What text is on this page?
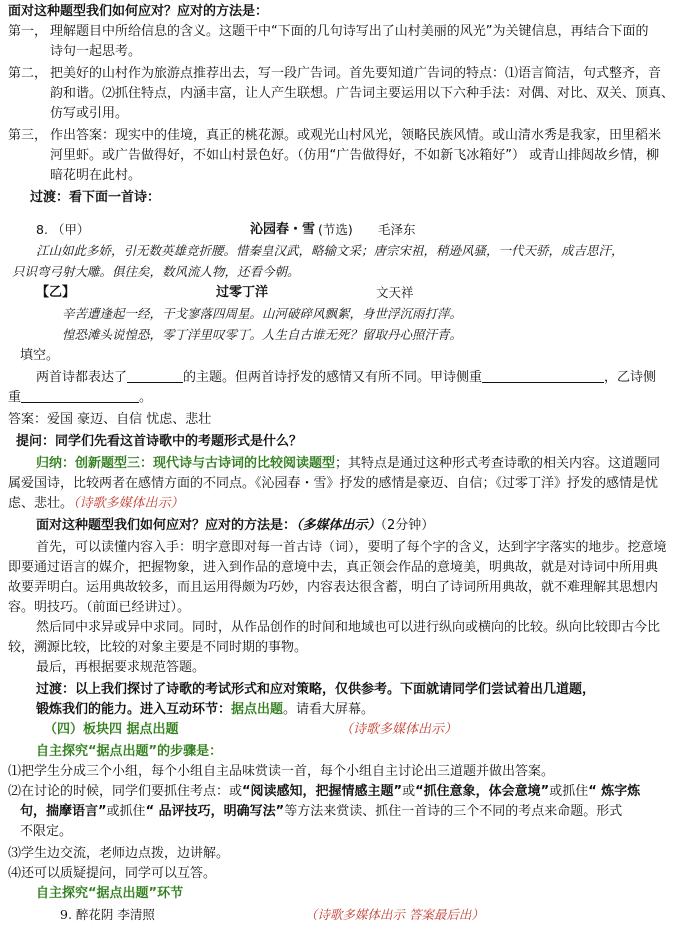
面对这种题型我们如何应对？应对的方法是：
第一， 理解题目中所给信息的含义。这题干中“下面的几句诗写出了山村美丽的风光”为关键信息，再结合下面的
诗句一起思考。
第二， 把美好的山村作为旅游点推荐出去，写一段广告词。首先要知道广告词的特点：⑴语言简洁，句式整齐，音
韵和谐。⑵抓住特点，内涵丰富，让人产生联想。广告词主要运用以下六种手法：对偶、对比、双关、顶真、
仿写或引用。
第三， 作出答案：现实中的佳境，真正的桃花源。或观光山村风光，领略民族风情。或山清水秀是我家，田里稻米
河里虾。或广告做得好，不如山村景色好。（仿用“广告做得好，不如新飞冰箱好”） 或青山排闼故乡情，柳
暗花明在此村。
过渡：看下面一首诗：
8. （甲）	沁园春・雪 (节选) 毛泽东
江山如此多娇，引无数英雄竞折腰。惜秦皇汉武，略输文采；唐宗宋祖，稍逊风骚，一代天骄，成吉思汗，
只识弯弓射大雕。俱往矣，数风流人物，还看今朝。
【乙】	过零丁洋	文天祥
辛苦遭逢起一经，干戈寥落四周星。山河破碎风飘絮，身世浮沉雨打萍。
惶恐滩头说惶恐，零丁洋里叹零丁。人生自古谁无死？留取丹心照汗青。
填空。
两首诗都表达了	的主题。但两首诗抒发的感情又有所不同。甲诗侧重	，乙诗侧
重	。
答案：爱国 豪迈、自信 忧虑、悲壮
提问：同学们先看这首诗歌中的考题形式是什么？
归纳：创新题型三：现代诗与古诗词的比较阅读题型；其特点是通过这种形式考查诗歌的相关内容。这道题同
属爱国诗，比较两者在感情方面的不同点。《沁园春・雪》抒发的感情是豪迈、自信；《过零丁洋》抒发的感情是忧
虑、悲壮。（诗歌多媒体出示）
面对这种题型我们如何应对？应对的方法是：（多媒体出示）（2分钟）
首先，可以读懂内容入手：明字意即对每一首古诗（词），要明了每个字的含义，达到字字落实的地步。挖意境
即要通过语言的媒介，把握物象，进入到作品的意境中去，真正领会作品的意境美，明典故，就是对诗词中所用典
故要弄明白。运用典故较多，而且运用得颇为巧妙，内容表达很含蓄，明白了诗词所用典故，就不难理解其思想内
容。明技巧。（前面已经讲过）。
然后同中求异或异中求同。同时，从作品创作的时间和地域也可以进行纵向或横向的比较。纵向比较即古今比
较，溯源比较，比较的对象主要是不同时期的事物。
最后，再根据要求规范答题。
过渡：以上我们探讨了诗歌的考试形式和应对策略，仅供参考。下面就请同学们尝试着出几道题，
锻炼我们的能力。进入互动环节：据点出题。请看大屏幕。
（四）板块四 据点出题	（诗歌多媒体出示）
自主探究“据点出题”的步骤是：
⑴把学生分成三个小组，每个小组自主品味赏读一首，每个小组自主讨论出三道题并做出答案。
⑵在讨论的时候，同学们要抓住考点：或“阅读感知，把握情感主题”或“抓住意象，体会意境”或抓住“ 炼字炼
句，揣摩语言”或抓住“ 品评技巧，明确写法”等方法来赏读、抓住一首诗的三个不同的考点来命题。形式
不限定。
⑶学生边交流，老师边点拨，边讲解。
⑷还可以质疑提问，同学可以互答。
自主探究“据点出题”环节
9. 醉花阴 李清照	（诗歌多媒体出示 答案最后出）
